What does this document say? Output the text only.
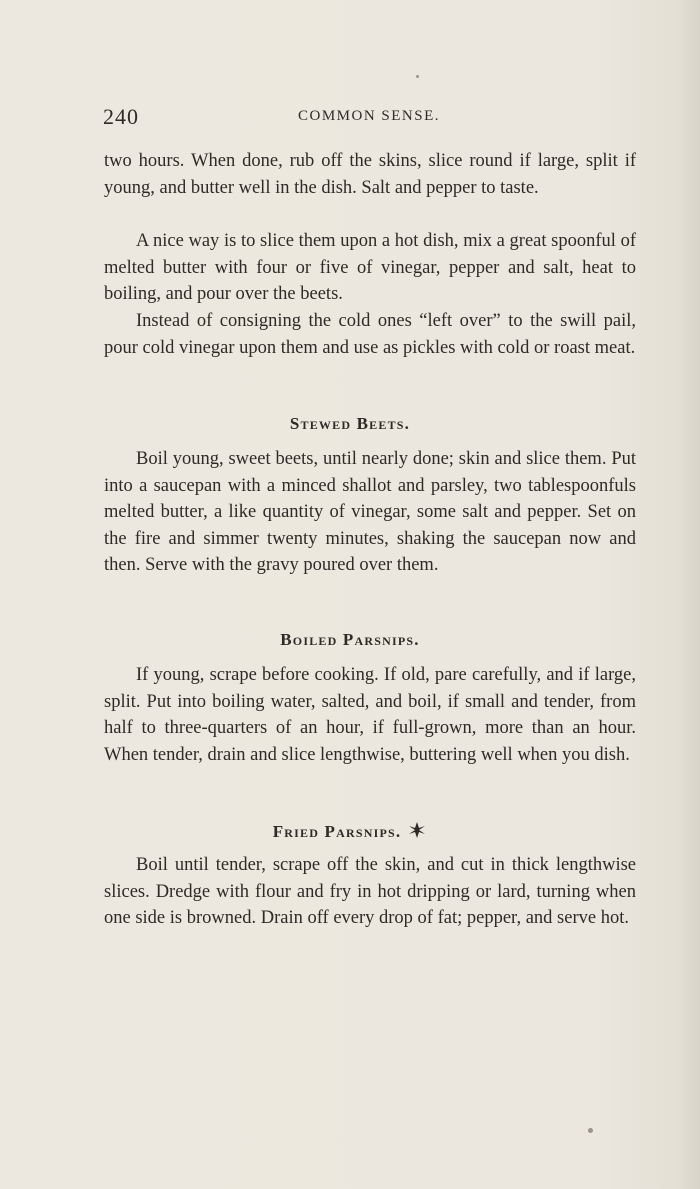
240	COMMON SENSE.

two hours. When done, rub off the skins, slice round if large, split if young, and butter well in the dish. Salt and pepper to taste.

A nice way is to slice them upon a hot dish, mix a great spoonful of melted butter with four or five of vinegar, pepper and salt, heat to boiling, and pour over the beets.

Instead of consigning the cold ones “left over” to the swill pail, pour cold vinegar upon them and use as pickles with cold or roast meat.

Stewed Beets.

Boil young, sweet beets, until nearly done; skin and slice them. Put into a saucepan with a minced shallot and parsley, two tablespoonfuls melted butter, a like quantity of vinegar, some salt and pepper. Set on the fire and simmer twenty minutes, shaking the saucepan now and then. Serve with the gravy poured over them.

Boiled Parsnips.

If young, scrape before cooking. If old, pare carefully, and if large, split. Put into boiling water, salted, and boil, if small and tender, from half to three-quarters of an hour, if full-grown, more than an hour. When tender, drain and slice lengthwise, buttering well when you dish.

Fried Parsnips.

Boil until tender, scrape off the skin, and cut in thick lengthwise slices. Dredge with flour and fry in hot dripping or lard, turning when one side is browned. Drain off every drop of fat; pepper, and serve hot.
